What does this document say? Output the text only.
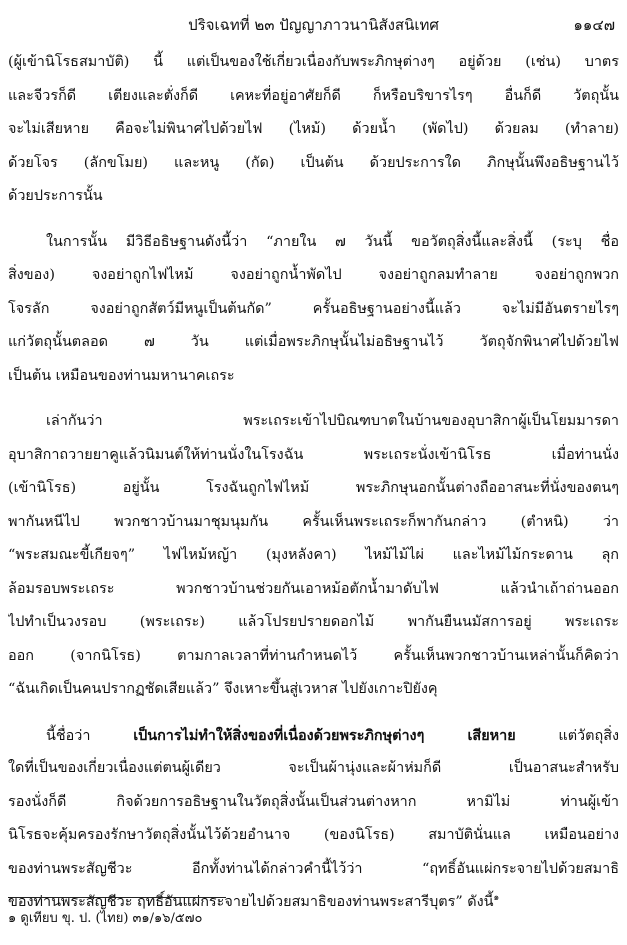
ปริจเฉทที่ ๒๓ ปัญญาภาวนานิสังสนิเทศ	๑๑๔๗
(ผู้เข้านิโรธสมาบัติ) นี้ แต่เป็นของใช้เกี่ยวเนื่องกับพระภิกษุต่างๆ อยู่ด้วย (เช่น) บาตร
และจีวรก็ดี เตียงและตั่งก็ดี เคหะที่อยู่อาศัยก็ดี ก็หรือบริขารไรๆ อื่นก็ดี วัตถุนั้น
จะไม่เสียหาย คือจะไม่พินาศไปด้วยไฟ (ไหม้) ด้วยน้ำ (พัดไป) ด้วยลม (ทำลาย)
ด้วยโจร (ลักขโมย) และหนู (กัด) เป็นต้น ด้วยประการใด ภิกษุนั้นพึงอธิษฐานไว้
ด้วยประการนั้น
ในการนั้น มีวิธีอธิษฐานดังนี้ว่า “ภายใน ๗ วันนี้ ขอวัตถุสิ่งนี้และสิ่งนี้ (ระบุ ชื่อ
สิ่งของ) จงอย่าถูกไฟไหม้ จงอย่าถูกน้ำพัดไป จงอย่าถูกลมทำลาย จงอย่าถูกพวก
โจรลัก จงอย่าถูกสัตว์มีหนูเป็นต้นกัด” ครั้นอธิษฐานอย่างนี้แล้ว จะไม่มีอันตรายไรๆ
แก่วัตถุนั้นตลอด ๗ วัน แต่เมื่อพระภิกษุนั้นไม่อธิษฐานไว้ วัตถุจักพินาศไปด้วยไฟ
เป็นต้น เหมือนของท่านมหานาคเถระ
เล่ากันว่า พระเถระเข้าไปบิณฑบาตในบ้านของอุบาสิกาผู้เป็นโยมมารดา
อุบาสิกาถวายยาคูแล้วนิมนต์ให้ท่านนั่งในโรงฉัน พระเถระนั่งเข้านิโรธ เมื่อท่านนั่ง
(เข้านิโรธ) อยู่นั้น โรงฉันถูกไฟไหม้ พระภิกษุนอกนั้นต่างถืออาสนะที่นั่งของตนๆ
พากันหนีไป พวกชาวบ้านมาชุมนุมกัน ครั้นเห็นพระเถระก็พากันกล่าว (ตำหนิ) ว่า
“พระสมณะขี้เกียจๆ” ไฟไหม้หญ้า (มุงหลังคา) ไหม้ไม้ไผ่ และไหม้ไม้กระดาน ลุก
ล้อมรอบพระเถระ พวกชาวบ้านช่วยกันเอาหม้อตักน้ำมาดับไฟ แล้วนำเถ้าถ่านออก
ไปทำเป็นวงรอบ (พระเถระ) แล้วโปรยปรายดอกไม้ พากันยืนนมัสการอยู่ พระเถระ
ออก (จากนิโรธ) ตามกาลเวลาที่ท่านกำหนดไว้ ครั้นเห็นพวกชาวบ้านเหล่านั้นก็คิดว่า
“ฉันเกิดเป็นคนปรากฏชัดเสียแล้ว” จึงเหาะขึ้นสู่เวหาส ไปยังเกาะปิยังคุ
นี้ชื่อว่า เป็นการไม่ทำให้สิ่งของที่เนื่องด้วยพระภิกษุต่างๆ เสียหาย แต่วัตถุสิ่ง
ใดที่เป็นของเกี่ยวเนื่องแต่ตนผู้เดียว จะเป็นผ้านุ่งและผ้าห่มก็ดี เป็นอาสนะสำหรับ
รองนั่งก็ดี กิจด้วยการอธิษฐานในวัตถุสิ่งนั้นเป็นส่วนต่างหาก หามิไม่ ท่านผู้เข้า
นิโรธจะคุ้มครองรักษาวัตถุสิ่งนั้นไว้ด้วยอำนาจ (ของนิโรธ) สมาบัตินั่นแล เหมือนอย่าง
ของท่านพระสัญชีวะ อีกทั้งท่านได้กล่าวคำนี้ไว้ว่า “ฤทธิ์อันแผ่กระจายไปด้วยสมาธิ
ของท่านพระสัญชีวะ ฤทธิ์อันแผ่กระจายไปด้วยสมาธิของท่านพระสารีบุตร” ดังนี้$^๑$
๑ ดูเทียบ ขุ. ป. (ไทย) ๓๑/๑๖/๕๗๐
